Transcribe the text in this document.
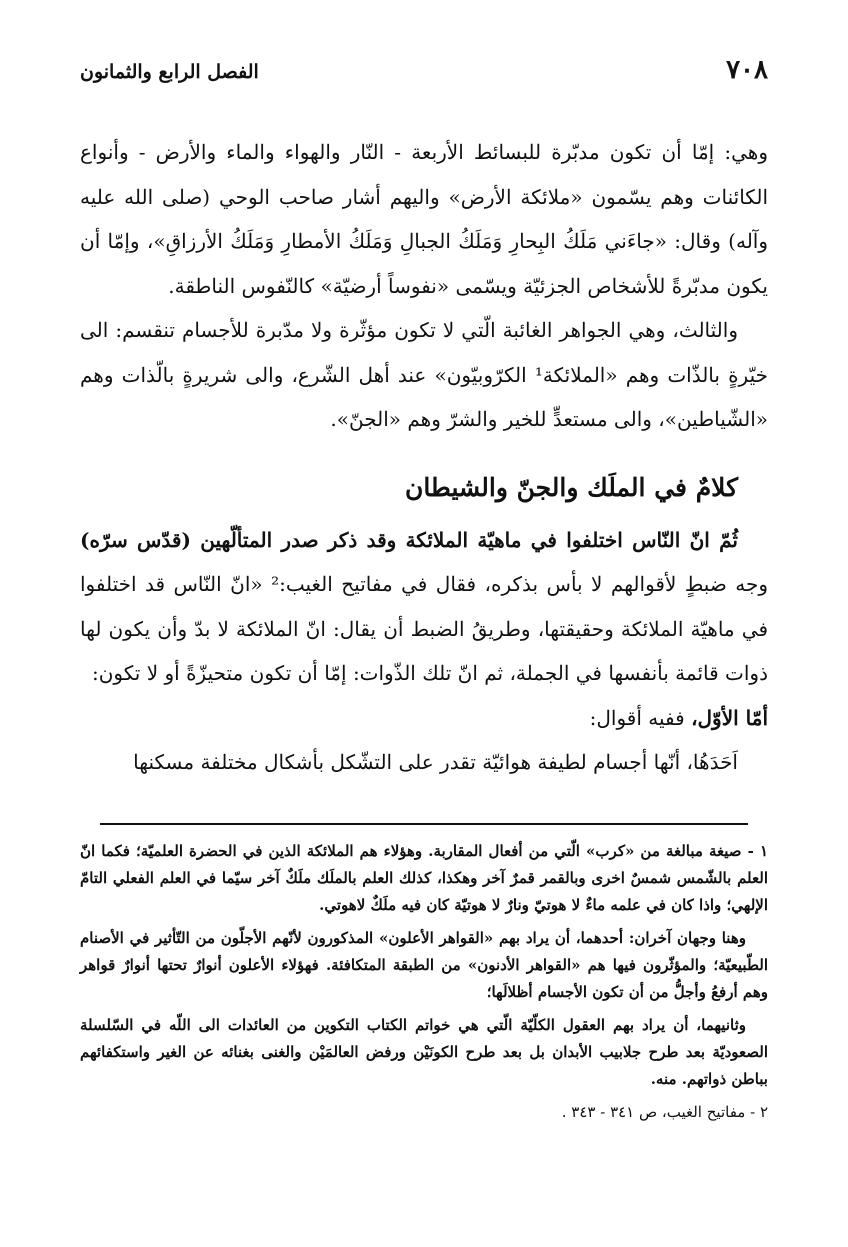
٧٠٨
الفصل الرابع والثمانون

وهي: إمّا أن تكون مدبّرة للبسائط الأربعة - النّار والهواء والماء والأرض - وأنواع الكائنات وهم يسّمون «ملائكة الأرض» واليهم أشار صاحب الوحي (صلى الله عليه وآله) وقال: «جاءَني مَلَكُ البِحارِ وَمَلَكُ الجبالِ وَمَلَكُ الأمطارِ وَمَلَكُ الأرزاقِ»، وإمّا أن يكون مدبّرةً للأشخاص الجزئيّة ويسّمى «نفوساً أرضيّة» كالنّفوس الناطقة.

والثالث، وهي الجواهر الغائبة الّتي لا تكون مؤثّرة ولا مدّبرة للأجسام تنقسم: الى خيّرةٍ بالذّات وهم «الملائكة¹ الكرّوبيّون» عند أهل الشّرع، والى شريرةٍ بالّذات وهم «الشّياطين»، والى مستعدٍّ للخير والشرّ وهم «الجنّ».

كلامٌ في الملَك والجنّ والشيطان

ثُمّ انّ النّاس اختلفوا في ماهيّة الملائكة وقد ذكر صدر المتألّهين (قدّس سرّه) وجه ضبطٍ لأقوالهم لا بأس بذكره، فقال في مفاتيح الغيب:² «انّ النّاس قد اختلفوا في ماهيّة الملائكة وحقيقتها، وطريقُ الضبط أن يقال: انّ الملائكة لا بدّ وأن يكون لها ذوات قائمة بأنفسها في الجملة، ثم انّ تلك الذّوات: إمّا أن تكون متحيزّةً أو لا تكون:

أمّا الأوّل، ففيه أقوال:

اَحَدَهُا، أنّها أجسام لطيفة هوائيّة تقدر على التشّكل بأشكال مختلفة مسكنها

١ - صيغة مبالغة من «كرب» الّتي من أفعال المقاربة. وهؤلاء هم الملائكة الذين في الحضرة العلميّة؛ فكما انّ العلم بالشّمس شمسٌ اخرى وبالقمر قمرٌ آخر وهكذا، كذلك العلم بالملَك ملَكٌ آخر سيّما في العلم الفعلي التامّ الإلهي؛ واذا كان في علمه ماءٌ لا هوتيّ ونارٌ لا هوتيّة كان فيه ملَكٌ لاهوتي.

وهنا وجهان آخران: أحدهما، أن يراد بهم «القواهر الأعلون» المذكورون لأنّهم الأجلّون من التّأثير في الأصنام الطّبيعيّة؛ والمؤثّرون فيها هم «القواهر الأدنون» من الطبقة المتكافئة. فهؤلاء الأعلون أنوارٌ تحتها أنوارٌ قواهر وهم أرفعُ وأجلُّ من أن تكون الأجسام أظلالَها؛

وثانيهما، أن يراد بهم العقول الكلّيّة الّتي هي خواتم الكتاب التكوين من العائدات الى اللّه في السّلسلة الصعوديّة بعد طرح جلابيب الأبدان بل بعد طرح الكونَيْن ورفض العالمَيْن والغنى بغنائه عن الغير واستكفائهم بباطن ذواتهم. منه.

٢ - مفاتيح الغيب، ص ٣٤١ - ٣٤٣ .
